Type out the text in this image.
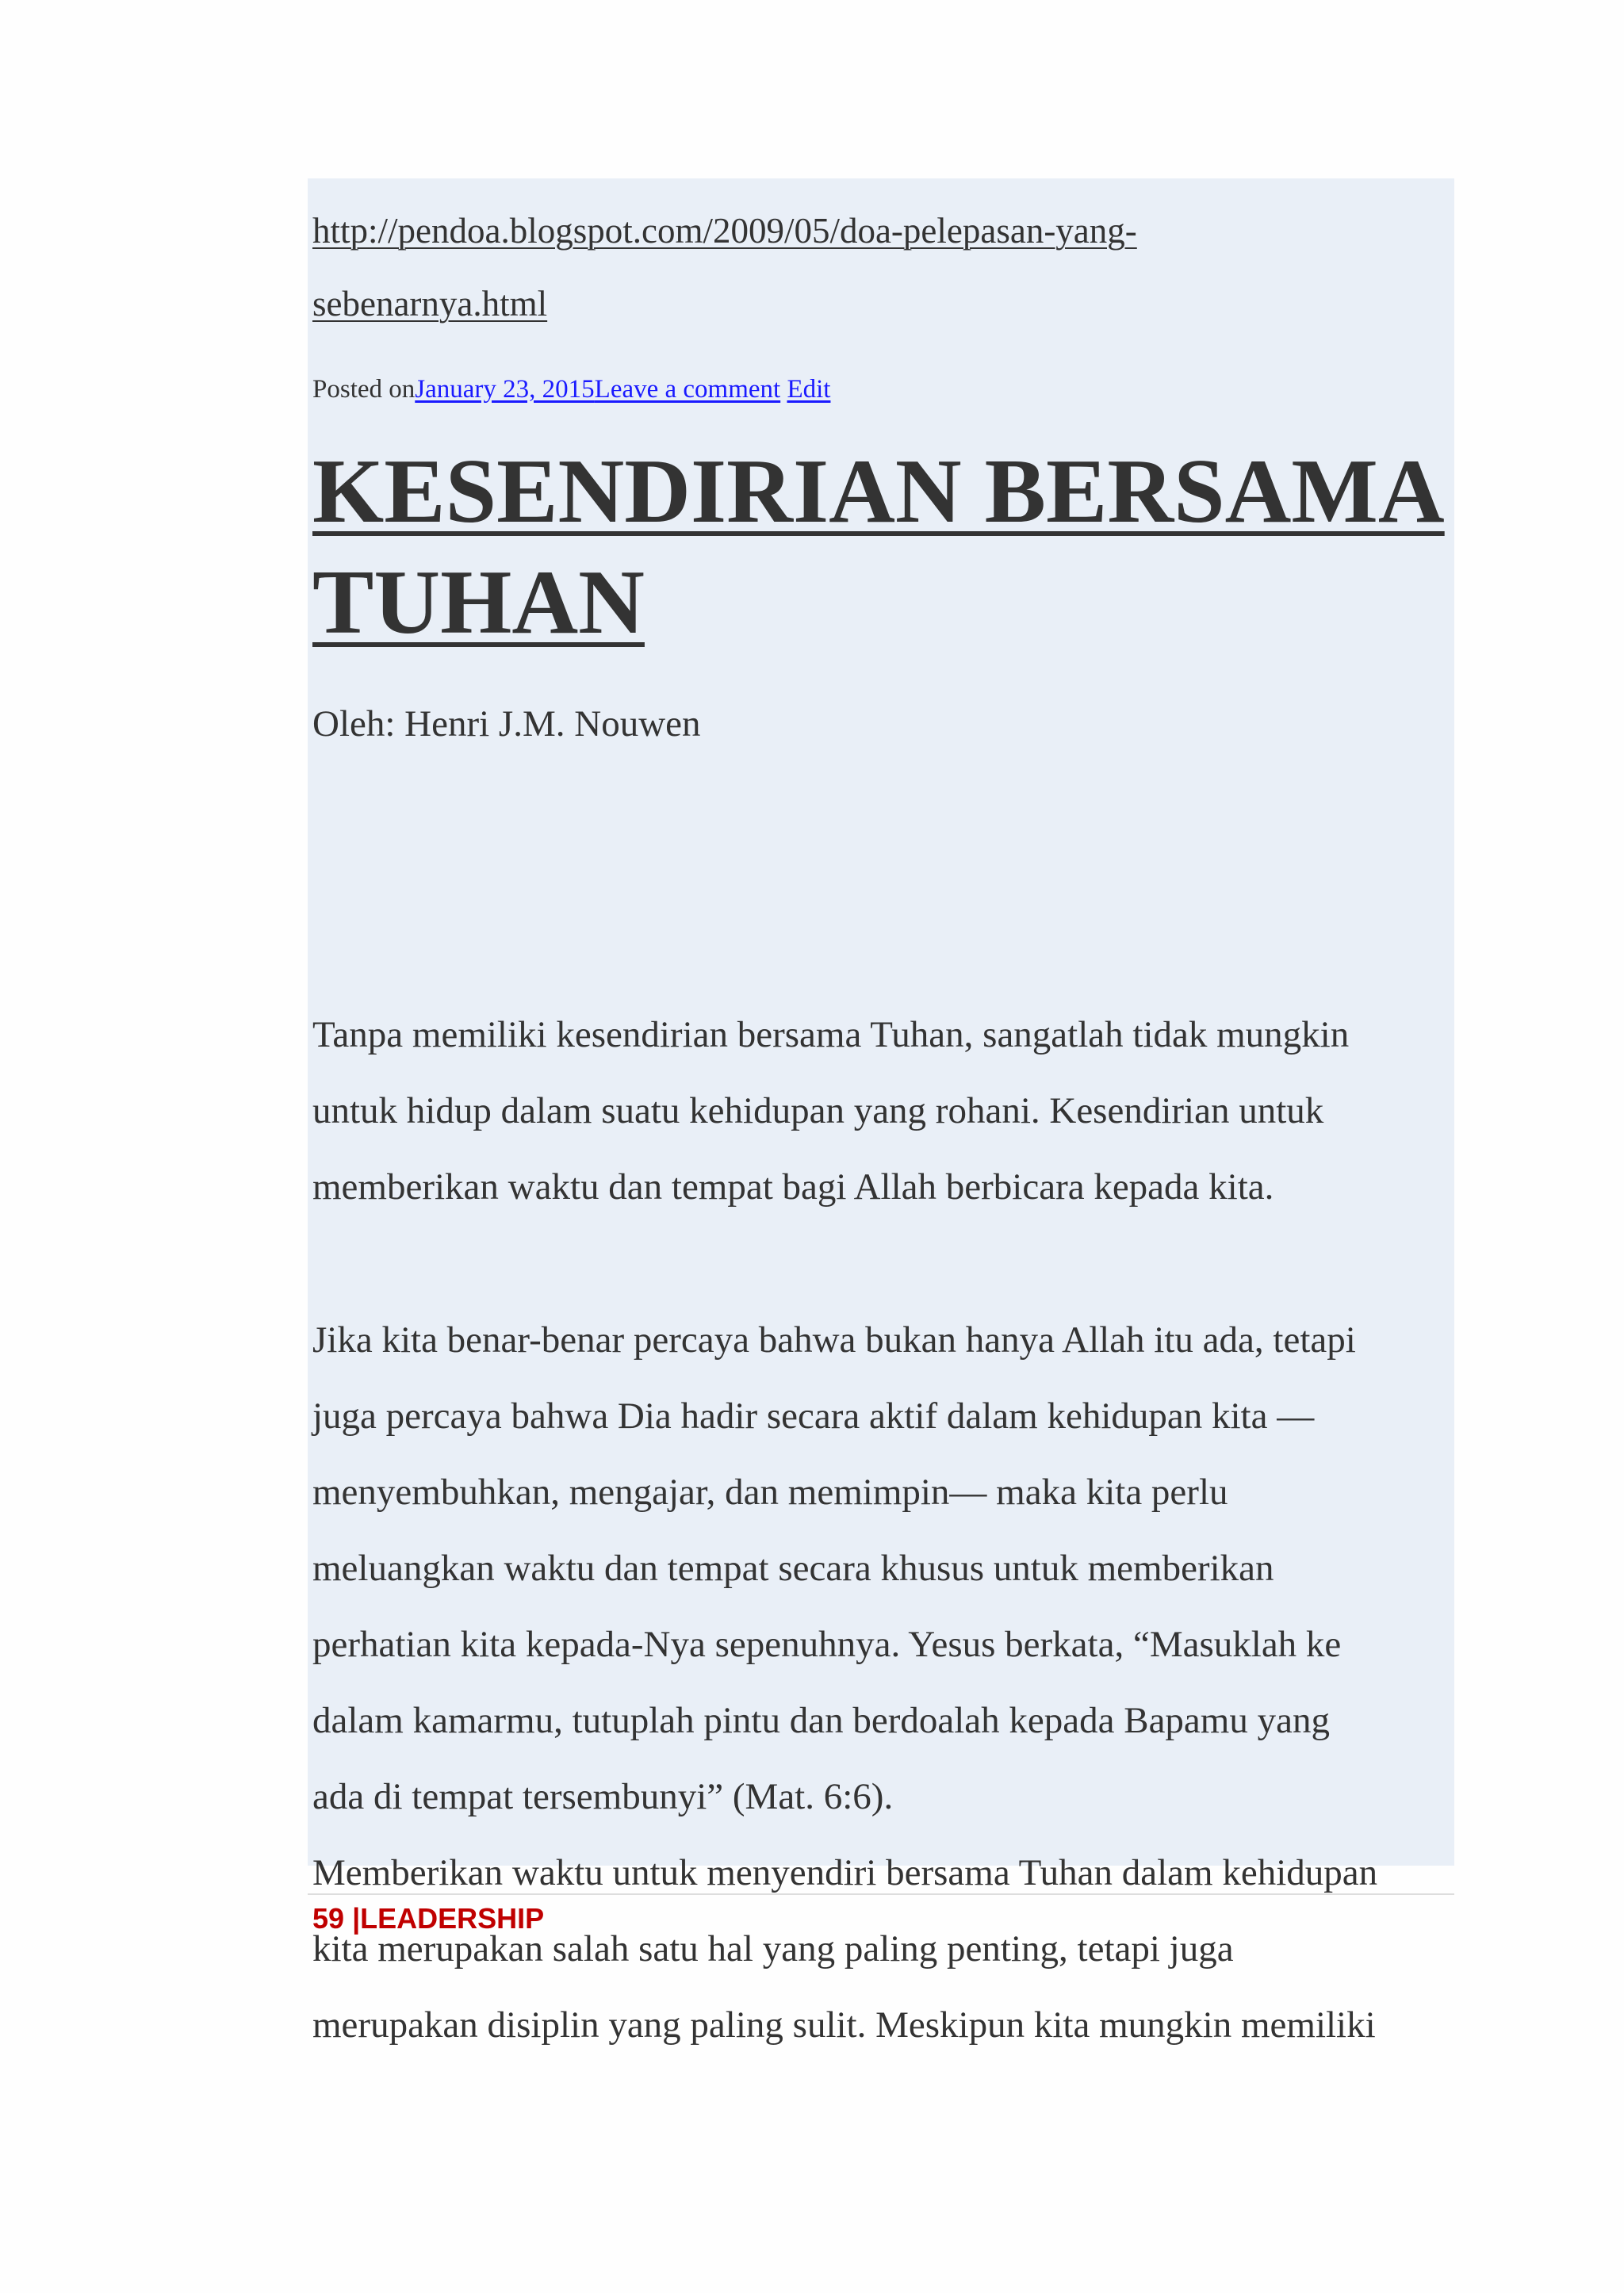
http://pendoa.blogspot.com/2009/05/doa-pelepasan-yang-
sebenarnya.html
Posted onJanuary 23, 2015Leave a comment Edit
KESENDIRIAN BERSAMA
TUHAN
Oleh: Henri J.M. Nouwen
Tanpa memiliki kesendirian bersama Tuhan, sangatlah tidak mungkin
untuk hidup dalam suatu kehidupan yang rohani. Kesendirian untuk
memberikan waktu dan tempat bagi Allah berbicara kepada kita.
Jika kita benar-benar percaya bahwa bukan hanya Allah itu ada, tetapi
juga percaya bahwa Dia hadir secara aktif dalam kehidupan kita —
menyembuhkan, mengajar, dan memimpin— maka kita perlu
meluangkan waktu dan tempat secara khusus untuk memberikan
perhatian kita kepada-Nya sepenuhnya. Yesus berkata, “Masuklah ke
dalam kamarmu, tutuplah pintu dan berdoalah kepada Bapamu yang
ada di tempat tersembunyi” (Mat. 6:6).
Memberikan waktu untuk menyendiri bersama Tuhan dalam kehidupan
kita merupakan salah satu hal yang paling penting, tetapi juga
merupakan disiplin yang paling sulit. Meskipun kita mungkin memiliki
59 |LEADERSHIP
